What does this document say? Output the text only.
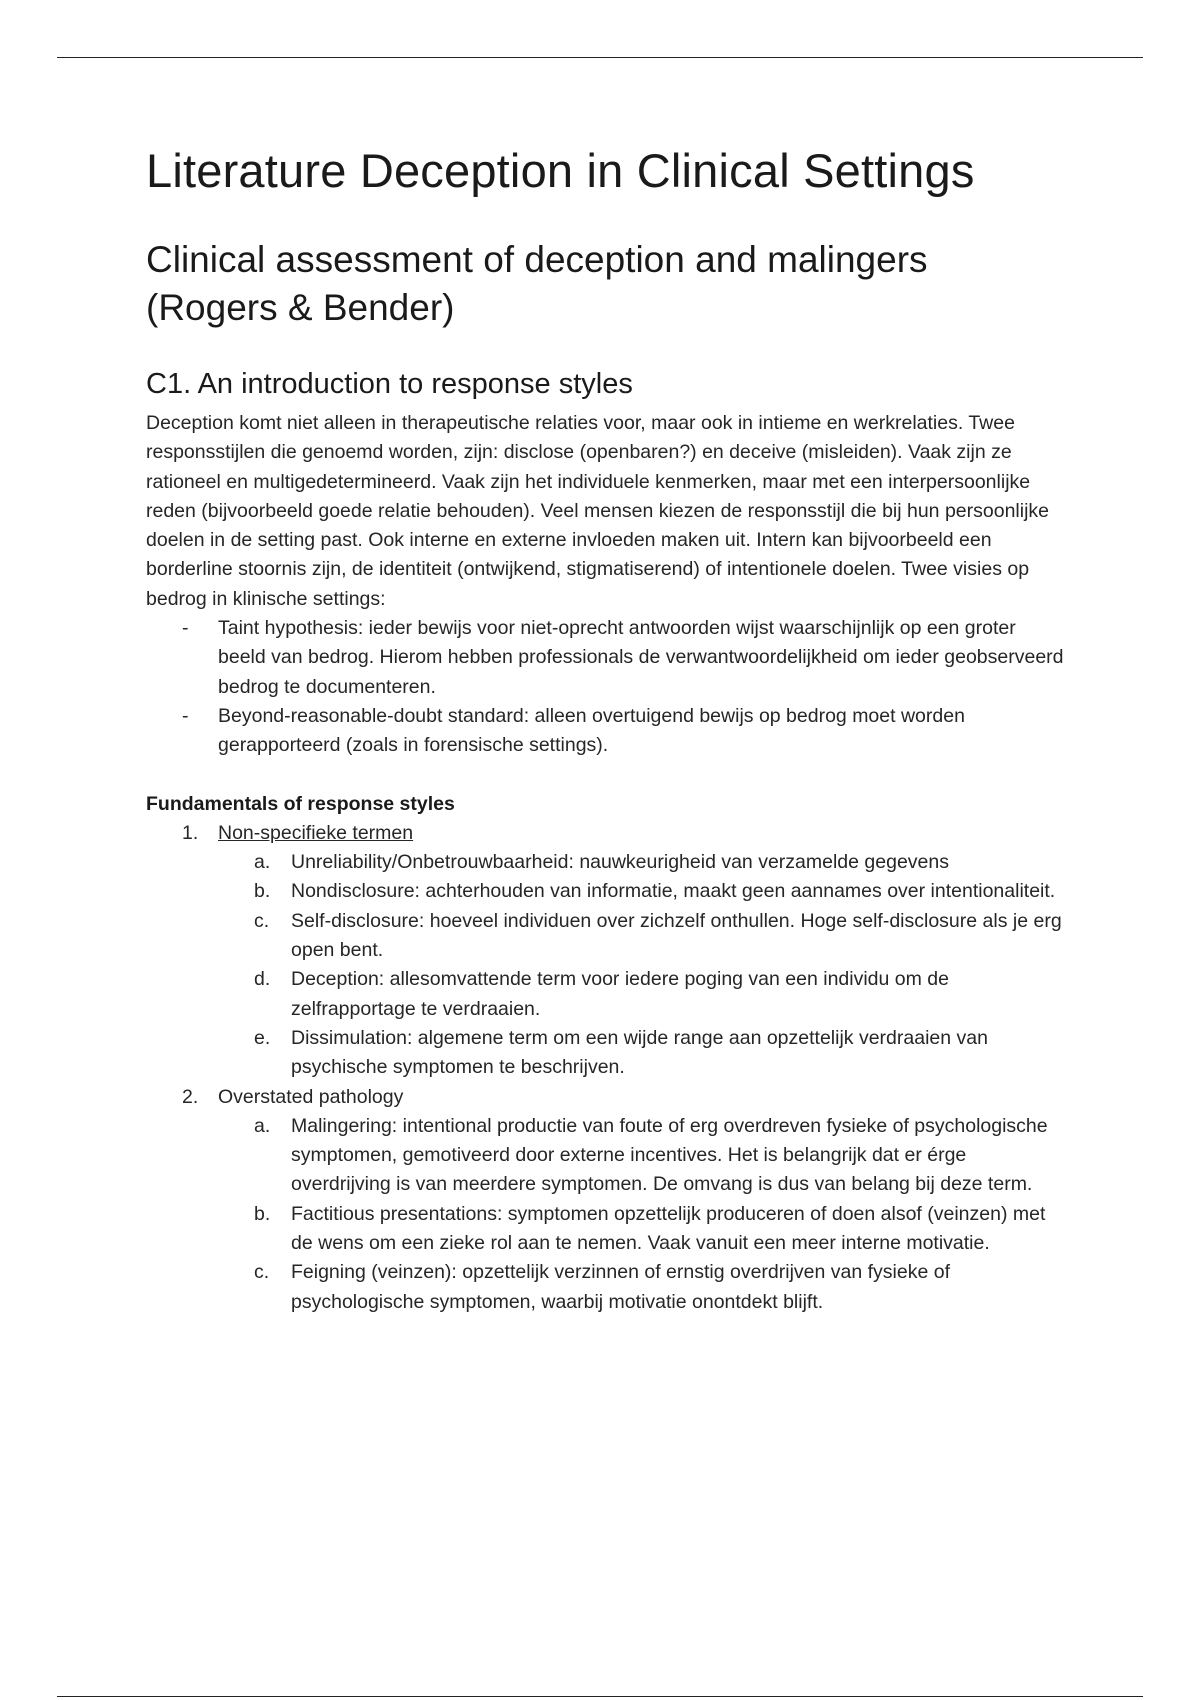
Literature Deception in Clinical Settings
Clinical assessment of deception and malingers (Rogers & Bender)
C1. An introduction to response styles

Deception komt niet alleen in therapeutische relaties voor, maar ook in intieme en werkrelaties. Twee responsstijlen die genoemd worden, zijn: disclose (openbaren?) en deceive (misleiden). Vaak zijn ze rationeel en multigedetermineerd. Vaak zijn het individuele kenmerken, maar met een interpersoonlijke reden (bijvoorbeeld goede relatie behouden). Veel mensen kiezen de responsstijl die bij hun persoonlijke doelen in de setting past. Ook interne en externe invloeden maken uit. Intern kan bijvoorbeeld een borderline stoornis zijn, de identiteit (ontwijkend, stigmatiserend) of intentionele doelen. Twee visies op bedrog in klinische settings:

- Taint hypothesis: ieder bewijs voor niet-oprecht antwoorden wijst waarschijnlijk op een groter beeld van bedrog. Hierom hebben professionals de verwantwoordelijkheid om ieder geobserveerd bedrog te documenteren.
- Beyond-reasonable-doubt standard: alleen overtuigend bewijs op bedrog moet worden gerapporteerd (zoals in forensische settings).
Fundamentals of response styles
1. Non-specifieke termen
a. Unreliability/Onbetrouwbaarheid: nauwkeurigheid van verzamelde gegevens
b. Nondisclosure: achterhouden van informatie, maakt geen aannames over intentionaliteit.
c. Self-disclosure: hoeveel individuen over zichzelf onthullen. Hoge self-disclosure als je erg open bent.
d. Deception: allesomvattende term voor iedere poging van een individu om de zelfrapportage te verdraaien.
e. Dissimulation: algemene term om een wijde range aan opzettelijk verdraaien van psychische symptomen te beschrijven.
2. Overstated pathology
a. Malingering: intentional productie van foute of erg overdreven fysieke of psychologische symptomen, gemotiveerd door externe incentives. Het is belangrijk dat er érge overdrijving is van meerdere symptomen. De omvang is dus van belang bij deze term.
b. Factitious presentations: symptomen opzettelijk produceren of doen alsof (veinzen) met de wens om een zieke rol aan te nemen. Vaak vanuit een meer interne motivatie.
c. Feigning (veinzen): opzettelijk verzinnen of ernstig overdrijven van fysieke of psychologische symptomen, waarbij motivatie onontdekt blijft.
